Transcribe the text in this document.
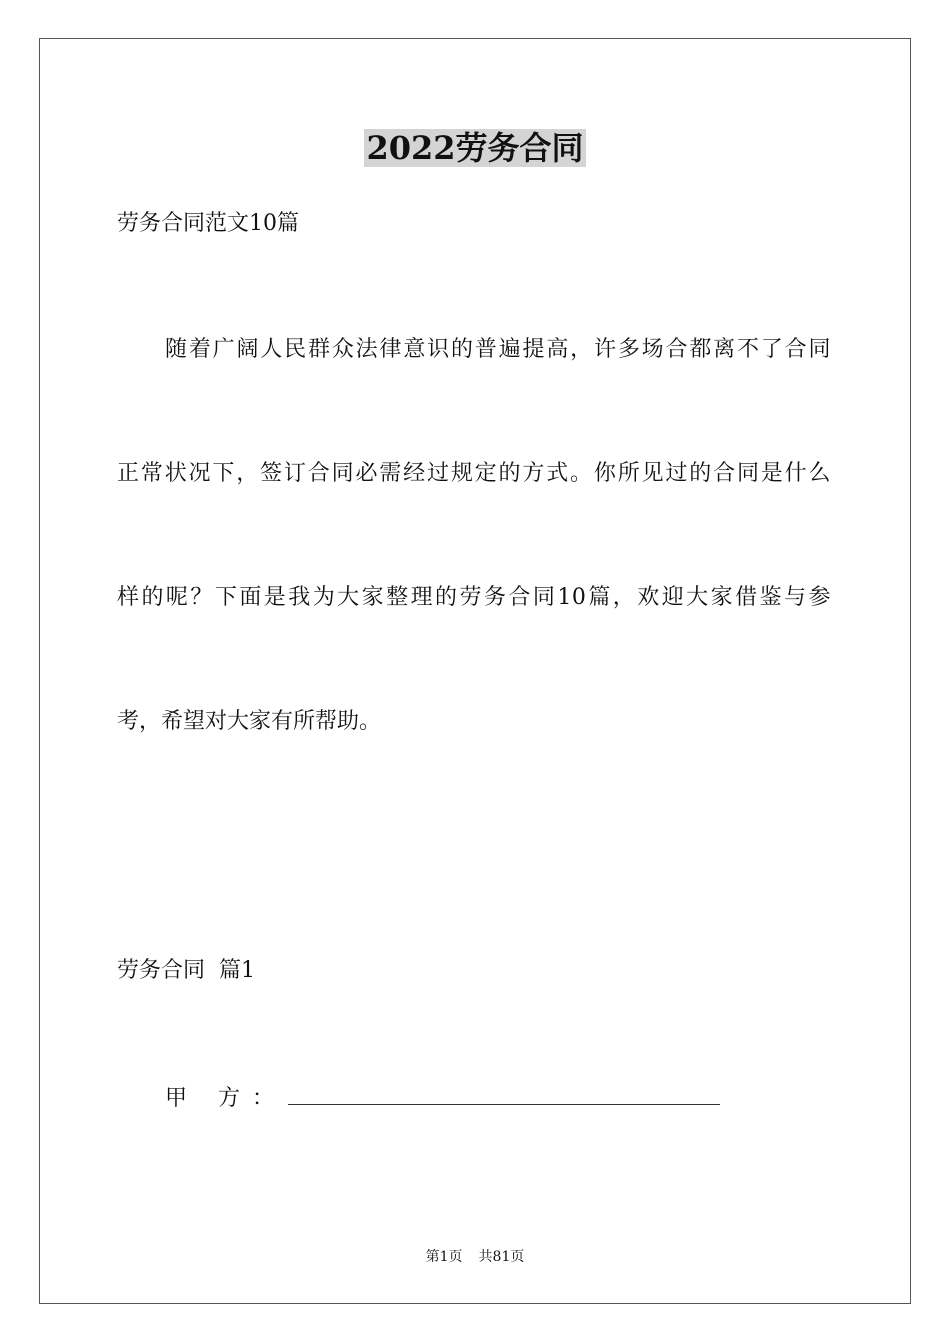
2022劳务合同
劳务合同范文10篇
随着广阔人民群众法律意识的普遍提高，许多场合都离不了合同
正常状况下，签订合同必需经过规定的方式。你所见过的合同是什么
样的呢？下面是我为大家整理的劳务合同10篇，欢迎大家借鉴与参
考，希望对大家有所帮助。
劳务合同  篇1
甲 方：
第1页 共81页
